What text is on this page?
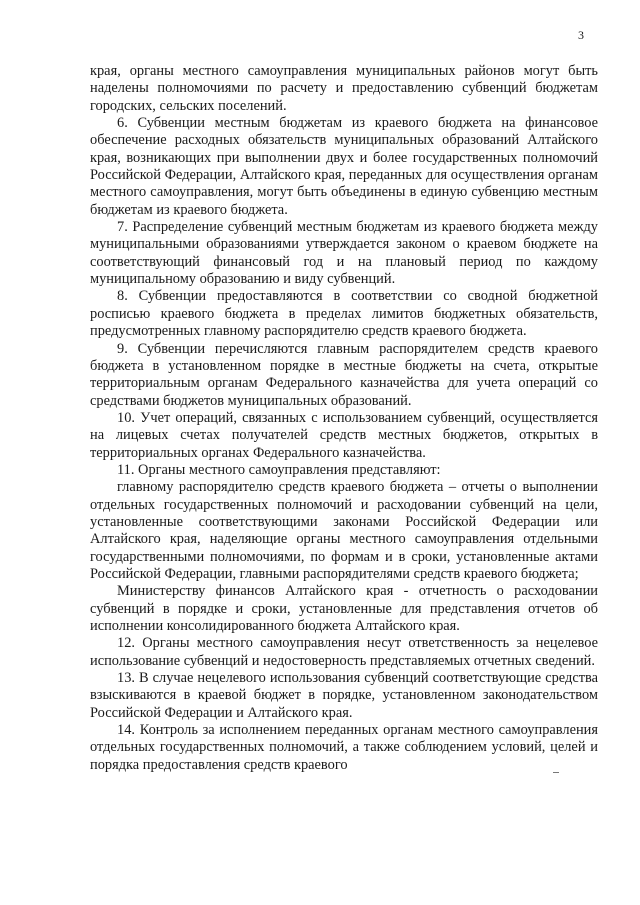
3

края, органы местного самоуправления муниципальных районов могут быть наделены полномочиями по расчету и предоставлению субвенций бюджетам городских, сельских поселений.

6. Субвенции местным бюджетам из краевого бюджета на финансовое обеспечение расходных обязательств муниципальных образований Алтайского края, возникающих при выполнении двух и более государственных полномочий Российской Федерации, Алтайского края, переданных для осуществления органам местного самоуправления, могут быть объединены в единую субвенцию местным бюджетам из краевого бюджета.

7. Распределение субвенций местным бюджетам из краевого бюджета между муниципальными образованиями утверждается законом о краевом бюджете на соответствующий финансовый год и на плановый период по каждому муниципальному образованию и виду субвенций.

8. Субвенции предоставляются в соответствии со сводной бюджетной росписью краевого бюджета в пределах лимитов бюджетных обязательств, предусмотренных главному распорядителю средств краевого бюджета.

9. Субвенции перечисляются главным распорядителем средств краевого бюджета в установленном порядке в местные бюджеты на счета, открытые территориальным органам Федерального казначейства для учета операций со средствами бюджетов муниципальных образований.

10. Учет операций, связанных с использованием субвенций, осуществляется на лицевых счетах получателей средств местных бюджетов, открытых в территориальных органах Федерального казначейства.

11. Органы местного самоуправления представляют:

главному распорядителю средств краевого бюджета – отчеты о выполнении отдельных государственных полномочий и расходовании субвенций на цели, установленные соответствующими законами Российской Федерации или Алтайского края, наделяющие органы местного самоуправления отдельными государственными полномочиями, по формам и в сроки, установленные актами Российской Федерации, главными распорядителями средств краевого бюджета;

Министерству финансов Алтайского края - отчетность о расходовании субвенций в порядке и сроки, установленные для представления отчетов об исполнении консолидированного бюджета Алтайского края.

12. Органы местного самоуправления несут ответственность за нецелевое использование субвенций и недостоверность представляемых отчетных сведений.

13. В случае нецелевого использования субвенций соответствующие средства взыскиваются в краевой бюджет в порядке, установленном законодательством Российской Федерации и Алтайского края.

14. Контроль за исполнением переданных органам местного самоуправления отдельных государственных полномочий, а также соблюдением условий, целей и порядка предоставления средств краевого
